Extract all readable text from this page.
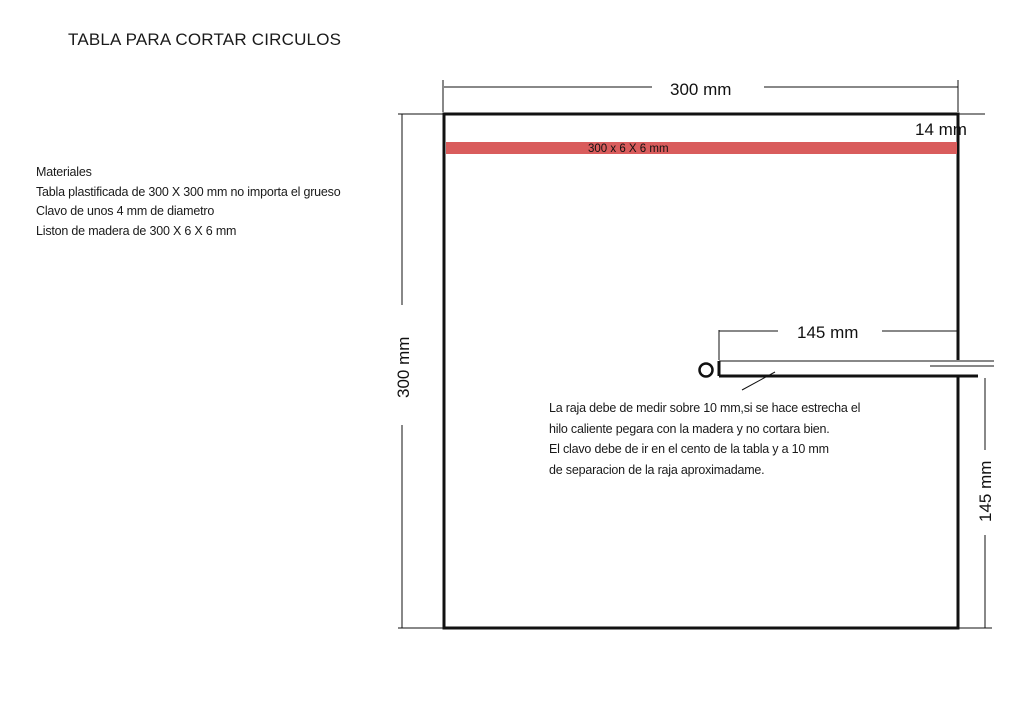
TABLA PARA CORTAR CIRCULOS
Materiales
Tabla plastificada de 300 X 300 mm no importa el grueso
Clavo de unos 4 mm de diametro
Liston de madera de 300 X 6 X 6 mm
300 x 6 X 6 mm
300 mm
14 mm
300 mm
145 mm
145 mm
La raja debe de medir sobre 10 mm,si se hace estrecha el
hilo caliente pegara con la madera y no cortara bien.
El clavo debe de ir en el cento de la tabla y a 10 mm
de separacion de la raja aproximadame.
